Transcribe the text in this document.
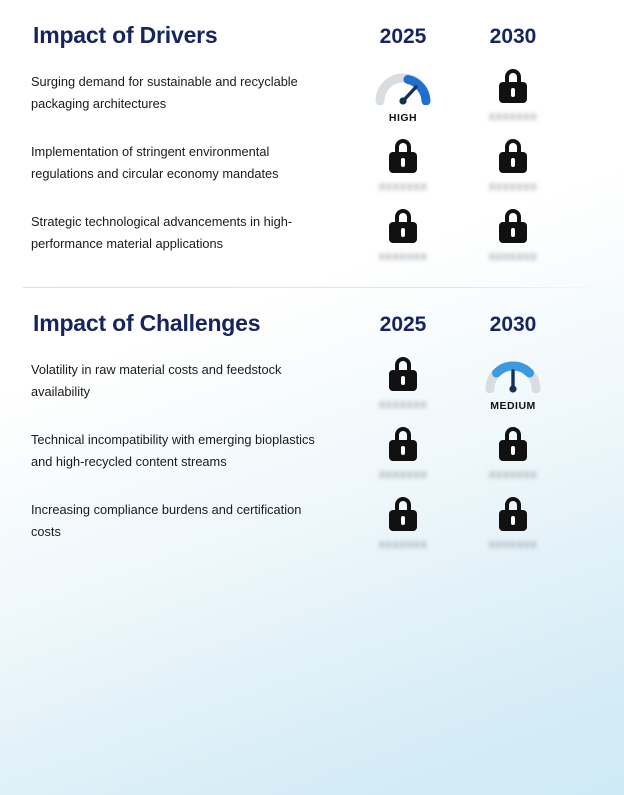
Impact of Drivers	2025	2030
Surging demand for sustainable and recyclable packaging architectures
HIGH	XXXXXXX
Implementation of stringent environmental regulations and circular economy mandates
XXXXXXX	XXXXXXX
Strategic technological advancements in high-performance material applications
XXXXXXX	XXXXXXX
Impact of Challenges	2025	2030
Volatility in raw material costs and feedstock availability
XXXXXXX	MEDIUM
Technical incompatibility with emerging bioplastics and high-recycled content streams
XXXXXXX	XXXXXXX
Increasing compliance burdens and certification costs
XXXXXXX	XXXXXXX
